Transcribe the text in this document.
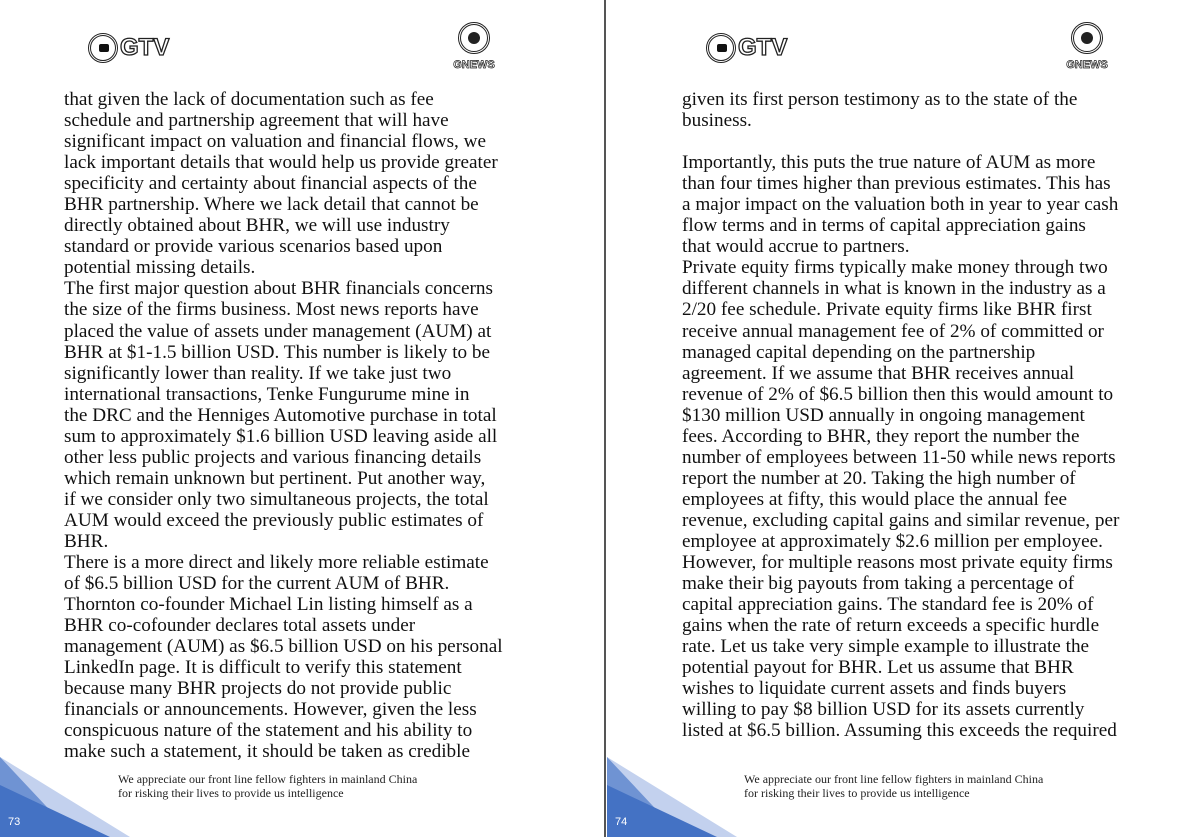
GTV
GNEWS
that given the lack of documentation such as fee
schedule and partnership agreement that will have
significant impact on valuation and financial flows, we
lack important details that would help us provide greater
specificity and certainty about financial aspects of the
BHR partnership. Where we lack detail that cannot be
directly obtained about BHR, we will use industry
standard or provide various scenarios based upon
potential missing details.
The first major question about BHR financials concerns
the size of the firms business. Most news reports have
placed the value of assets under management (AUM) at
BHR at $1-1.5 billion USD. This number is likely to be
significantly lower than reality. If we take just two
international transactions, Tenke Fungurume mine in
the DRC and the Henniges Automotive purchase in total
sum to approximately $1.6 billion USD leaving aside all
other less public projects and various financing details
which remain unknown but pertinent. Put another way,
if we consider only two simultaneous projects, the total
AUM would exceed the previously public estimates of
BHR.
There is a more direct and likely more reliable estimate
of $6.5 billion USD for the current AUM of BHR.
Thornton co-founder Michael Lin listing himself as a
BHR co-cofounder declares total assets under
management (AUM) as $6.5 billion USD on his personal
LinkedIn page. It is difficult to verify this statement
because many BHR projects do not provide public
financials or announcements. However, given the less
conspicuous nature of the statement and his ability to
make such a statement, it should be taken as credible
We appreciate our front line fellow fighters in mainland China
for risking their lives to provide us intelligence
73
GTV
GNEWS
given its first person testimony as to the state of the
business.
Importantly, this puts the true nature of AUM as more
than four times higher than previous estimates. This has
a major impact on the valuation both in year to year cash
flow terms and in terms of capital appreciation gains
that would accrue to partners.
Private equity firms typically make money through two
different channels in what is known in the industry as a
2/20 fee schedule. Private equity firms like BHR first
receive annual management fee of 2% of committed or
managed capital depending on the partnership
agreement. If we assume that BHR receives annual
revenue of 2% of $6.5 billion then this would amount to
$130 million USD annually in ongoing management
fees. According to BHR, they report the number the
number of employees between 11-50 while news reports
report the number at 20. Taking the high number of
employees at fifty, this would place the annual fee
revenue, excluding capital gains and similar revenue, per
employee at approximately $2.6 million per employee.
However, for multiple reasons most private equity firms
make their big payouts from taking a percentage of
capital appreciation gains. The standard fee is 20% of
gains when the rate of return exceeds a specific hurdle
rate. Let us take very simple example to illustrate the
potential payout for BHR. Let us assume that BHR
wishes to liquidate current assets and finds buyers
willing to pay $8 billion USD for its assets currently
listed at $6.5 billion. Assuming this exceeds the required
We appreciate our front line fellow fighters in mainland China
for risking their lives to provide us intelligence
74
